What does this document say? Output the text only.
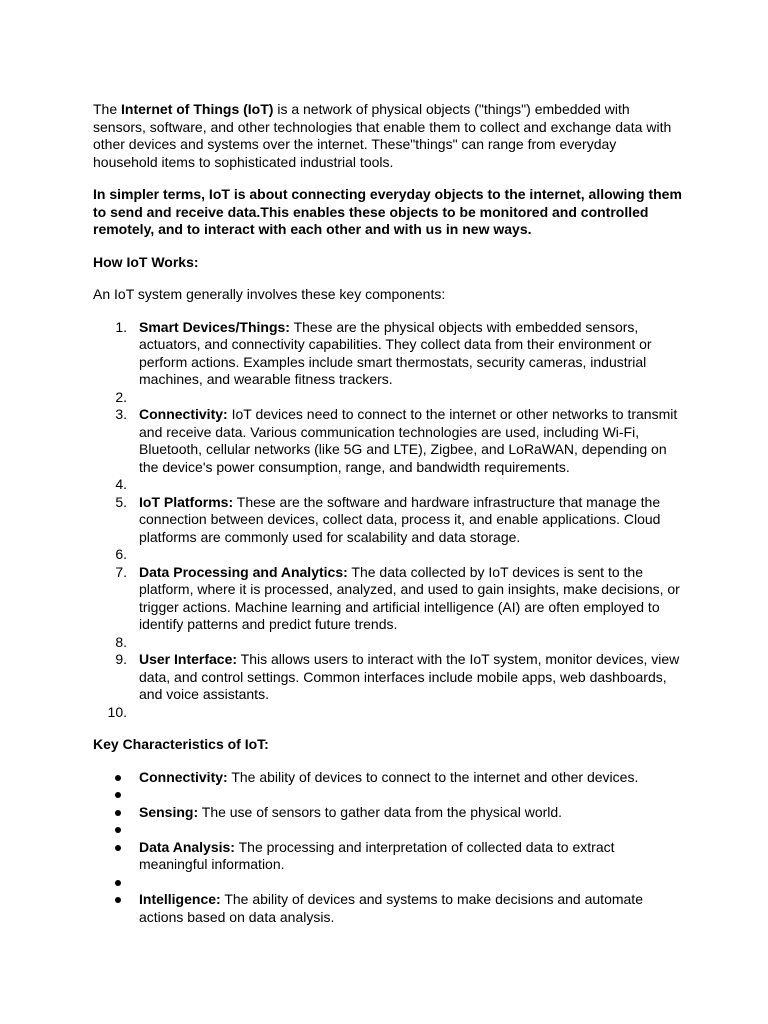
The Internet of Things (IoT) is a network of physical objects ("things") embedded with sensors, software, and other technologies that enable them to collect and exchange data with other devices and systems over the internet. These"things" can range from everyday household items to sophisticated industrial tools.

In simpler terms, IoT is about connecting everyday objects to the internet, allowing them to send and receive data.This enables these objects to be monitored and controlled remotely, and to interact with each other and with us in new ways.

How IoT Works:

An IoT system generally involves these key components:

1. Smart Devices/Things: These are the physical objects with embedded sensors, actuators, and connectivity capabilities. They collect data from their environment or perform actions. Examples include smart thermostats, security cameras, industrial machines, and wearable fitness trackers.
2.
3. Connectivity: IoT devices need to connect to the internet or other networks to transmit and receive data. Various communication technologies are used, including Wi-Fi, Bluetooth, cellular networks (like 5G and LTE), Zigbee, and LoRaWAN, depending on the device's power consumption, range, and bandwidth requirements.
4.
5. IoT Platforms: These are the software and hardware infrastructure that manage the connection between devices, collect data, process it, and enable applications. Cloud platforms are commonly used for scalability and data storage.
6.
7. Data Processing and Analytics: The data collected by IoT devices is sent to the platform, where it is processed, analyzed, and used to gain insights, make decisions, or trigger actions. Machine learning and artificial intelligence (AI) are often employed to identify patterns and predict future trends.
8.
9. User Interface: This allows users to interact with the IoT system, monitor devices, view data, and control settings. Common interfaces include mobile apps, web dashboards, and voice assistants.
10.

Key Characteristics of IoT:

Connectivity: The ability of devices to connect to the internet and other devices.
Sensing: The use of sensors to gather data from the physical world.
Data Analysis: The processing and interpretation of collected data to extract meaningful information.
Intelligence: The ability of devices and systems to make decisions and automate actions based on data analysis.
